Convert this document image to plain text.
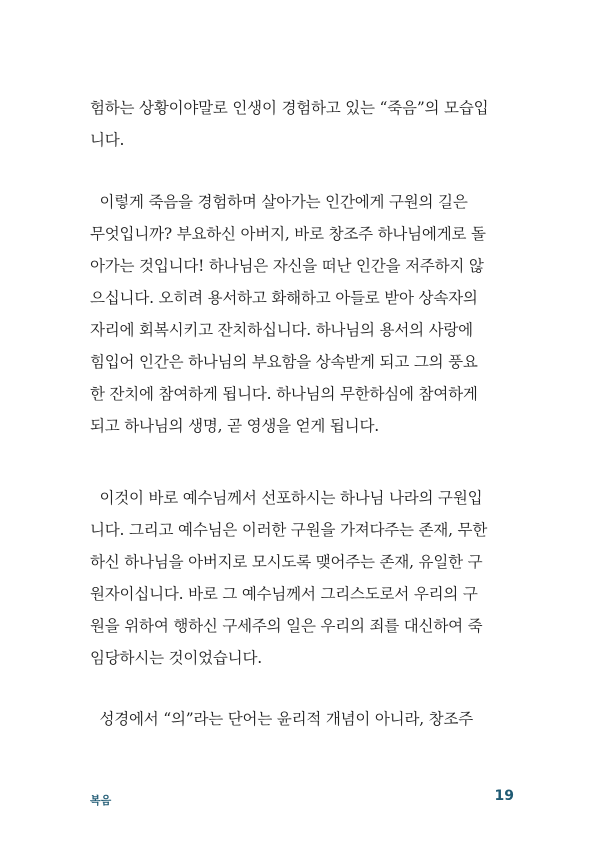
험하는 상황이야말로 인생이 경험하고 있는 “죽음”의 모습입
니다.
이렇게 죽음을 경험하며 살아가는 인간에게 구원의 길은
무엇입니까? 부요하신 아버지, 바로 창조주 하나님에게로 돌
아가는 것입니다! 하나님은 자신을 떠난 인간을 저주하지 않
으십니다. 오히려 용서하고 화해하고 아들로 받아 상속자의
자리에 회복시키고 잔치하십니다. 하나님의 용서의 사랑에
힘입어 인간은 하나님의 부요함을 상속받게 되고 그의 풍요
한 잔치에 참여하게 됩니다. 하나님의 무한하심에 참여하게
되고 하나님의 생명, 곧 영생을 얻게 됩니다.
이것이 바로 예수님께서 선포하시는 하나님 나라의 구원입
니다. 그리고 예수님은 이러한 구원을 가져다주는 존재, 무한
하신 하나님을 아버지로 모시도록 맺어주는 존재, 유일한 구
원자이십니다. 바로 그 예수님께서 그리스도로서 우리의 구
원을 위하여 행하신 구세주의 일은 우리의 죄를 대신하여 죽
임당하시는 것이었습니다.
성경에서 “의”라는 단어는 윤리적 개념이 아니라, 창조주
복음	19
